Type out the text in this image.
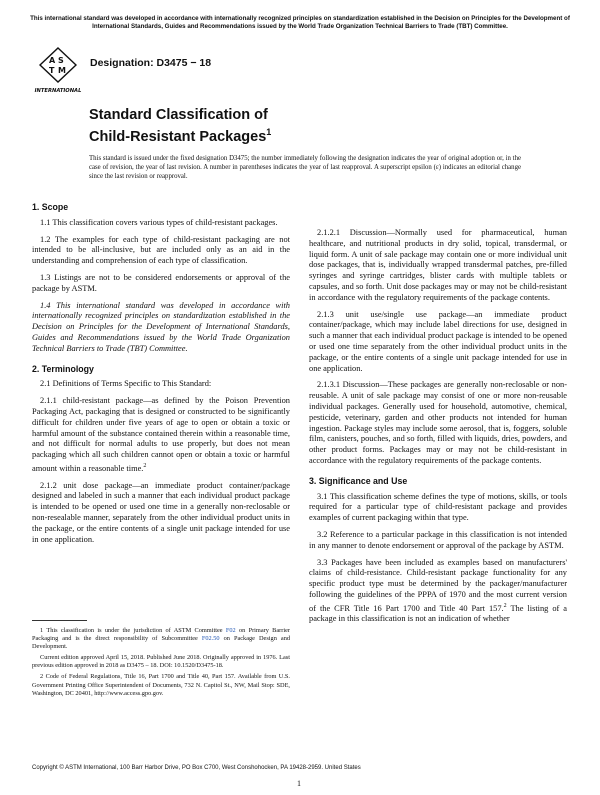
This international standard was developed in accordance with internationally recognized principles on standardization established in the Decision on Principles for the Development of International Standards, Guides and Recommendations issued by the World Trade Organization Technical Barriers to Trade (TBT) Committee.
A S
T M
INTERNATIONAL
Designation: D3475 − 18
Standard Classification of
Child-Resistant Packages$^1$
This standard is issued under the fixed designation D3475; the number immediately following the designation indicates the year of original adoption or, in the case of revision, the year of last revision. A number in parentheses indicates the year of last reapproval. A superscript epsilon (ε) indicates an editorial change since the last revision or reapproval.
1. Scope

1.1 This classification covers various types of child-resistant packages.

1.2 The examples for each type of child-resistant packaging are not intended to be all-inclusive, but are included only as an aid in the understanding and comprehension of each type of classification.

1.3 Listings are not to be considered endorsements or approval of the package by ASTM.

1.4 This international standard was developed in accordance with internationally recognized principles on standardization established in the Decision on Principles for the Development of International Standards, Guides and Recommendations issued by the World Trade Organization Technical Barriers to Trade (TBT) Committee.

2. Terminology

2.1 Definitions of Terms Specific to This Standard:

2.1.1 child-resistant package—as defined by the Poison Prevention Packaging Act, packaging that is designed or constructed to be significantly difficult for children under five years of age to open or obtain a toxic or harmful amount of the substance contained therein within a reasonable time, and not difficult for normal adults to use properly, but does not mean packaging which all such children cannot open or obtain a toxic or harmful amount within a reasonable time.$^2$

2.1.2 unit dose package—an immediate product container/package designed and labeled in such a manner that each individual product package is intended to be opened or used one time in a generally non-reclosable or non-resealable manner, separately from the other individual product units in the package, or the entire contents of a single unit package intended for use in one application.

1 This classification is under the jurisdiction of ASTM Committee F02 on Primary Barrier Packaging and is the direct responsibility of Subcommittee F02.50 on Package Design and Development.

Current edition approved April 15, 2018. Published June 2018. Originally approved in 1976. Last previous edition approved in 2018 as D3475 – 18. DOI: 10.1520/D3475-18.

2 Code of Federal Regulations, Title 16, Part 1700 and Title 40, Part 157. Available from U.S. Government Printing Office Superintendent of Documents, 732 N. Capitol St., NW, Mail Stop: SDE, Washington, DC 20401, http://www.access.gpo.gov.

2.1.2.1 Discussion—Normally used for pharmaceutical, human healthcare, and nutritional products in dry solid, topical, transdermal, or liquid form. A unit of sale package may contain one or more individual unit dose packages, that is, individually wrapped transdermal patches, pre-filled syringes and syringe cartridges, blister cards with multiple tablets or capsules, and so forth. Unit dose packages may or may not be child-resistant in accordance with the regulatory requirements of the package contents.

2.1.3 unit use/single use package—an immediate product container/package, which may include label directions for use, designed in such a manner that each individual product package is intended to be opened or used one time separately from the other individual product units in the package, or the entire contents of a single unit package intended for use in one application.

2.1.3.1 Discussion—These packages are generally non-reclosable or non-reusable. A unit of sale package may consist of one or more non-reusable individual packages. Generally used for household, automotive, chemical, pesticide, veterinary, garden and other products not intended for human ingestion. Package styles may include some aerosol, that is, foggers, soluble film, canisters, pouches, and so forth, filled with liquids, dries, powders, and other product forms. Packages may or may not be child-resistant in accordance with the regulatory requirements of the package contents.

3. Significance and Use

3.1 This classification scheme defines the type of motions, skills, or tools required for a particular type of child-resistant package and provides examples of current packaging within that type.

3.2 Reference to a particular package in this classification is not intended in any manner to denote endorsement or approval of the package by ASTM.

3.3 Packages have been included as examples based on manufacturers' claims of child-resistance. Child-resistant package functionality for any specific product type must be determined by the packager/manufacturer following the guidelines of the PPPA of 1970 and the most current version of the CFR Title 16 Part 1700 and Title 40 Part 157.$^2$ The listing of a package in this classification is not an indication of whether

Copyright © ASTM International, 100 Barr Harbor Drive, PO Box C700, West Conshohocken, PA 19428-2959. United States
1
